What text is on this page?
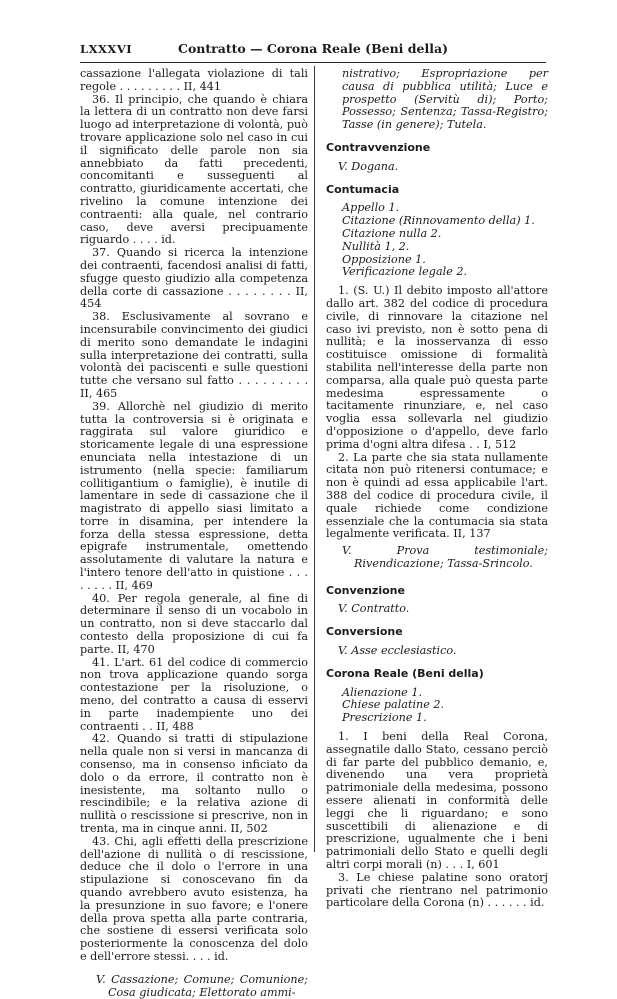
LXXXVI	Contratto — Corona Reale (Beni della)

cassazione l'allegata violazione di tali regole . . . . . . . . . II, 441

36. Il principio, che quando è chiara la lettera di un contratto non deve farsi luogo ad interpretazione di volontà, può trovare applicazione solo nel caso in cui il significato delle parole non sia annebbiato da fatti precedenti, concomitanti e susseguenti al contratto, giuridicamente accertati, che rivelino la comune intenzione dei contraenti: alla quale, nel contrario caso, deve aversi precipuamente riguardo . . . . id.

37. Quando si ricerca la intenzione dei contraenti, facendosi analisi di fatti, sfugge questo giudizio alla competenza della corte di cassazione . . . . . . . . II, 454

38. Esclusivamente al sovrano e incensurabile convincimento dei giudici di merito sono demandate le indagini sulla interpretazione dei contratti, sulla volontà dei paciscenti e sulle questioni tutte che versano sul fatto . . . . . . . . . II, 465

39. Allorchè nel giudizio di merito tutta la controversia si è originata e raggirata sul valore giuridico e storicamente legale di una espressione enunciata nella intestazione di un istrumento (nella specie: familiarum collitigantium o famiglie), è inutile di lamentare in sede di cassazione che il magistrato di appello siasi limitato a torre in disamina, per intendere la forza della stessa espressione, detta epigrafe instrumentale, omettendo assolutamente di valutare la natura e l'intero tenore dell'atto in quistione . . . . . . . . II, 469

40. Per regola generale, al fine di determinare il senso di un vocabolo in un contratto, non si deve staccarlo dal contesto della proposizione di cui fa parte. II, 470

41. L'art. 61 del codice di commercio non trova applicazione quando sorga contestazione per la risoluzione, o meno, del contratto a causa di esservi in parte inadempiente uno dei contraenti . . II, 488

42. Quando si tratti di stipulazione nella quale non si versi in mancanza di consenso, ma in consenso inficiato da dolo o da errore, il contratto non è inesistente, ma soltanto nullo o rescindibile; e la relativa azione di nullità o rescissione si prescrive, non in trenta, ma in cinque anni. II, 502

43. Chi, agli effetti della prescrizione dell'azione di nullità o di rescissione, deduce che il dolo o l'errore in una stipulazione si conoscevano fin da quando avrebbero avuto esistenza, ha la presunzione in suo favore; e l'onere della prova spetta alla parte contraria, che sostiene di essersi verificata solo posteriormente la conoscenza del dolo e dell'errore stessi. . . . id.

V. Cassazione; Comune; Comunione; Cosa giudicata; Elettorato ammi-

nistrativo; Espropriazione per causa di pubblica utilità; Luce e prospetto (Servitù di); Porto; Possesso; Sentenza; Tassa-Registro; Tasse (in genere); Tutela.

Contravvenzione

V. Dogana.

Contumacia

Appello 1.

Citazione (Rinnovamento della) 1.

Citazione nulla 2.

Nullità 1, 2.

Opposizione 1.

Verificazione legale 2.

1. (S. U.) Il debito imposto all'attore dallo art. 382 del codice di procedura civile, di rinnovare la citazione nel caso ivi previsto, non è sotto pena di nullità; e la inosservanza di esso costituisce omissione di formalità stabilita nell'interesse della parte non comparsa, alla quale può questa parte medesima espressamente o tacitamente rinunziare, e, nel caso voglia essa sollevarla nel giudizio d'opposizione o d'appello, deve farlo prima d'ogni altra difesa . . I, 512

2. La parte che sia stata nullamente citata non può ritenersi contumace; e non è quindi ad essa applicabile l'art. 388 del codice di procedura civile, il quale richiede come condizione essenziale che la contumacia sia stata legalmente verificata. II, 137

V. Prova testimoniale; Rivendicazione; Tassa-Srincolo.

Convenzione

V. Contratto.

Conversione

V. Asse ecclesiastico.

Corona Reale (Beni della)

Alienazione 1.

Chiese palatine 2.

Prescrizione 1.

1. I beni della Real Corona, assegnatile dallo Stato, cessano perciò di far parte del pubblico demanio, e, divenendo una vera proprietà patrimoniale della medesima, possono essere alienati in conformità delle leggi che li riguardano; e sono suscettibili di alienazione e di prescrizione, ugualmente che i beni patrimoniali dello Stato e quelli degli altri corpi morali (n) . . . I, 601

3. Le chiese palatine sono oratorj privati che rientrano nel patrimonio particolare della Corona (n) . . . . . . id.
